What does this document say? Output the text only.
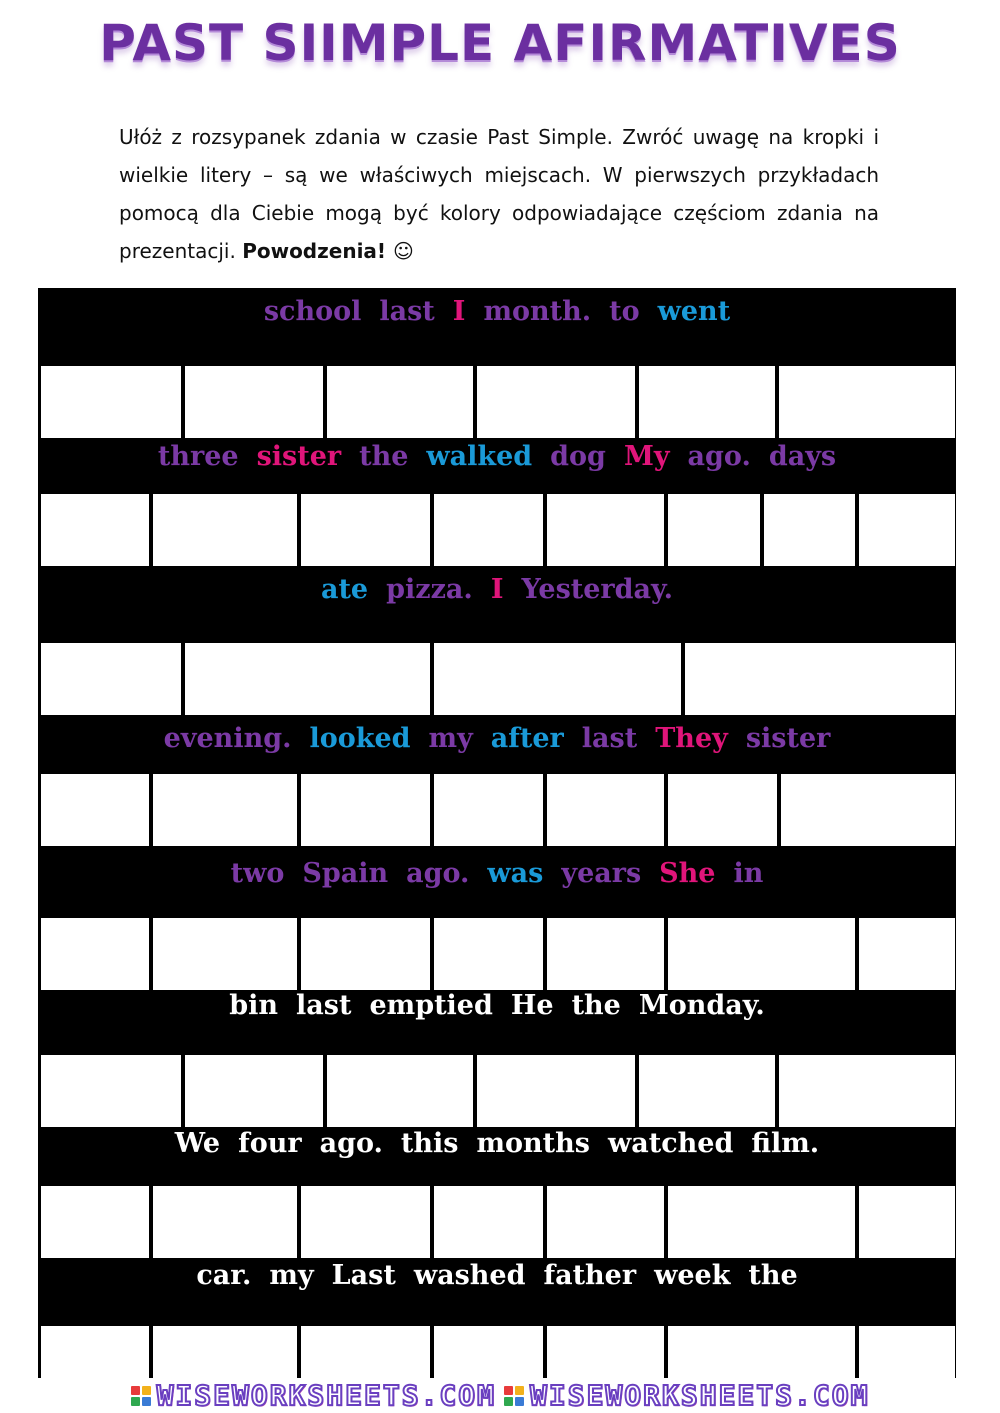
PAST SIIMPLE AFIRMATIVES
Ułóż z rozsypanek zdania w czasie Past Simple. Zwróć uwagę na kropki i wielkie litery – są we właściwych miejscach. W pierwszych przykładach pomocą dla Ciebie mogą być kolory odpowiadające częściom zdania na prezentacji. Powodzenia! ☺
school last I month. to went
three sister the walked dog My ago. days
ate pizza. I Yesterday.
evening. looked my after last They sister
two Spain ago. was years She in
bin last emptied He the Monday.
We four ago. this months watched film.
car. my Last washed father week the
WISEWORKSHEETS.COM WISEWORKSHEETS.COM
